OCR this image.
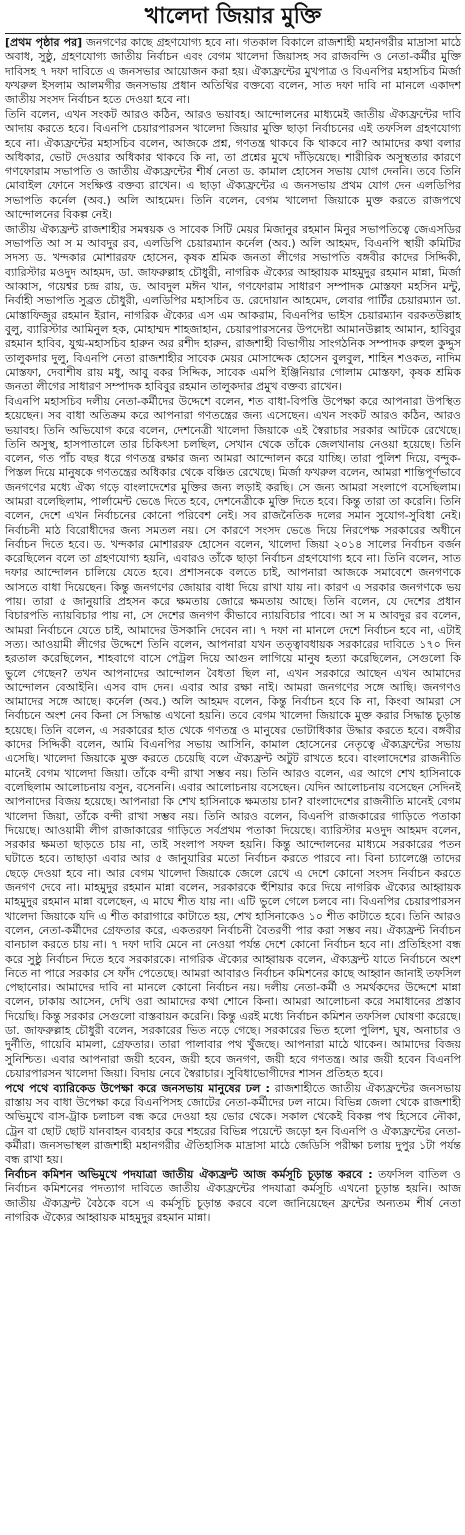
খালেদা জিয়ার মুক্তি

[প্রথম পৃষ্ঠার পর] জনগণের কাছে গ্রহণযোগ্য হবে না। গতকাল বিকালে রাজশাহী মহানগরীর মাদ্রাসা মাঠে অবাধ, সুষ্ঠু, গ্রহণযোগ্য জাতীয় নির্বাচন এবং বেগম খালেদা জিয়াসহ সব রাজবন্দি ও নেতা-কর্মীর মুক্তি দাবিসহ ৭ দফা দাবিতে এ জনসভার আয়োজন করা হয়। ঐক্যফ্রন্টের মুখপাত্র ও বিএনপির মহাসচিব মির্জা ফখরুল ইসলাম আলমগীর জনসভায় প্রধান অতিথির বক্তব্যে বলেন, সাত দফা দাবি না মানলে একাদশ জাতীয় সংসদ নির্বাচন হতে দেওয়া হবে না।

তিনি বলেন, এখন সংকট আরও কঠিন, আরও ভয়াবহ। আন্দোলনের মাধ্যমেই জাতীয় ঐক্যফ্রন্টের দাবি আদায় করতে হবে। বিএনপি চেয়ারপারসন খালেদা জিয়ার মুক্তি ছাড়া নির্বাচনের এই তফসিল গ্রহণযোগ্য হবে না। ঐক্যফ্রন্টের মহাসচিব বলেন, আজকে প্রশ্ন, গণতন্ত্র থাকবে কি থাকবে না? আমাদের কথা বলার অধিকার, ভোট দেওয়ার অধিকার থাকবে কি না, তা প্রশ্নের মুখে দাঁড়িয়েছে। শারীরিক অসুস্থতার কারণে গণফোরাম সভাপতি ও জাতীয় ঐক্যফ্রন্টের শীর্ষ নেতা ড. কামাল হোসেন সভায় যোগ দেননি। তবে তিনি মোবাইল ফোনে সংক্ষিপ্ত বক্তব্য রাখেন। এ ছাড়া ঐক্যফ্রন্টের এ জনসভায় প্রথম যোগ দেন এলডিপির সভাপতি কর্নেল (অব.) অলি আহমেদ। তিনি বলেন, বেগম খালেদা জিয়াকে মুক্ত করতে রাজপথে আন্দোলনের বিকল্প নেই।

জাতীয় ঐক্যফ্রন্ট রাজশাহীর সমন্বয়ক ও সাবেক সিটি মেয়র মিজানুর রহমান মিনুর সভাপতিত্বে জেএসডির সভাপতি আ স ম আবদুর রব, এলডিপি চেয়ারম্যান কর্নেল (অব.) অলি আহমদ, বিএনপি স্থায়ী কমিটির সদস্য ড. খন্দকার মোশাররফ হোসেন, কৃষক শ্রমিক জনতা লীগের সভাপতি বঙ্গবীর কাদের সিদ্দিকী, ব্যারিস্টার মওদুদ আহমদ, ডা. জাফরুল্লাহ চৌধুরী, নাগরিক ঐক্যের আহ্বায়ক মাহমুদুর রহমান মান্না, মির্জা আব্বাস, গয়েশ্বর চন্দ্র রায়, ড. আবদুল মঈন খান, গণফোরাম সাধারণ সম্পাদক মোস্তফা মহসিন মন্টু, নির্বাহী সভাপতি সুব্রত চৌধুরী, এলডিপির মহাসচিব ড. রেদোয়ান আহমেদ, লেবার পার্টির চেয়ারম্যান ডা. মোস্তাফিজুর রহমান ইরান, নাগরিক ঐক্যের এস এম আকরাম, বিএনপির ভাইস চেয়ারম্যান বরকতউল্লাহ বুলু, ব্যারিস্টার আমিনুল হক, মোহাম্মদ শাহজাহান, চেয়ারপারসনের উপদেষ্টা আমানউল্লাহ আমান, হাবিবুর রহমান হাবিব, যুগ্ম-মহাসচিব হারুন অর রশীদ হারুন, রাজশাহী বিভাগীয় সাংগঠনিক সম্পাদক রুহুল কুদ্দুস তালুকদার দুলু, বিএনপি নেতা রাজশাহীর সাবেক মেয়র মোসাদ্দেক হোসেন বুলবুল, শাহিন শওকত, নাদিম মোস্তফা, দেবাশীষ রায় মধু, আবু বকর সিদ্দিক, সাবেক এমপি ইঞ্জিনিয়ার গোলাম মোস্তফা, কৃষক শ্রমিক জনতা লীগের সাধারণ সম্পাদক হাবিবুর রহমান তালুকদার প্রমুখ বক্তব্য রাখেন।

বিএনপি মহাসচিব দলীয় নেতা-কর্মীদের উদ্দেশে বলেন, শত বাধা-বিপত্তি উপেক্ষা করে আপনারা উপস্থিত হয়েছেন। সব বাধা অতিক্রম করে আপনারা গণতন্ত্রের জন্য এসেছেন। এখন সংকট আরও কঠিন, আরও ভয়াবহ। তিনি অভিযোগ করে বলেন, দেশনেত্রী খালেদা জিয়াকে এই স্বৈরাচার সরকার আটকে রেখেছে। তিনি অসুস্থ, হাসপাতালে তার চিকিৎসা চলছিল, সেখান থেকে তাঁকে জেলখানায় নেওয়া হয়েছে। তিনি বলেন, গত পাঁচ বছর ধরে গণতন্ত্র রক্ষার জন্য আমরা আন্দোলন করে যাচ্ছি। তারা পুলিশ দিয়ে, বন্দুক-পিস্তল দিয়ে মানুষকে গণতন্ত্রের অধিকার থেকে বঞ্চিত রেখেছে। মির্জা ফখরুল বলেন, আমরা শান্তিপূর্ণভাবে জনগণের মধ্যে ঐক্য গড়ে বাংলাদেশের মুক্তির জন্য লড়াই করছি। সে জন্য আমরা সংলাপে বসেছিলাম। আমরা বলেছিলাম, পার্লামেন্ট ভেঙে দিতে হবে, দেশনেত্রীকে মুক্তি দিতে হবে। কিন্তু তারা তা করেনি। তিনি বলেন, দেশে এখন নির্বাচনের কোনো পরিবেশ নেই। সব রাজনৈতিক দলের সমান সুযোগ-সুবিধা নেই। নির্বাচনী মাঠ বিরোধীদের জন্য সমতল নয়। সে কারণে সংসদ ভেঙে দিয়ে নিরপেক্ষ সরকারের অধীনে নির্বাচন দিতে হবে। ড. খন্দকার মোশাররফ হোসেন বলেন, খালেদা জিয়া ২০১৪ সালের নির্বাচন বর্জন করেছিলেন বলে তা গ্রহণযোগ্য হয়নি, এবারও তাঁকে ছাড়া নির্বাচন গ্রহণযোগ্য হবে না। তিনি বলেন, সাত দফার আন্দোলন চালিয়ে যেতে হবে। প্রশাসনকে বলতে চাই, আপনারা আজকে সমাবেশে জনগণকে আসতে বাধা দিয়েছেন। কিন্তু জনগণের জোয়ার বাধা দিয়ে রাখা যায় না। কারণ এ সরকার জনগণকে ভয় পায়। তারা ৫ জানুয়ারি প্রহসন করে ক্ষমতায় জোরে ক্ষমতায় আছে। তিনি বলেন, যে দেশের প্রধান বিচারপতি ন্যায়বিচার পায় না, সে দেশের জনগণ কীভাবে ন্যায়বিচার পাবে। আ স ম আবদুর রব বলেন, আমরা নির্বাচনে যেতে চাই, আমাদের উসকানি দেবেন না। ৭ দফা না মানলে দেশে নির্বাচন হবে না, এটাই সত্য। আওয়ামী লীগের উদ্দেশে তিনি বলেন, আপনারা যখন তত্ত্বাবধায়ক সরকারের দাবিতে ১৭০ দিন হরতাল করেছিলেন, শাহবাগে বাসে পেট্রল দিয়ে আগুন লাগিয়ে মানুষ হত্যা করেছিলেন, সেগুলো কি ভুলে গেছেন? তখন আপনাদের আন্দোলন বৈধতা ছিল না, এখন সরকারে আছেন এখন আমাদের আন্দোলন বেআইনি। এসব বাদ দেন। এবার আর রক্ষা নাই। আমরা জনগণের সঙ্গে আছি। জনগণও আমাদের সঙ্গে আছে। কর্নেল (অব.) অলি আহমদ বলেন, কিন্তু নির্বাচন হবে কি না, কিংবা আমরা সে নির্বাচনে অংশ নেব কিনা সে সিদ্ধান্ত এখনো হয়নি। তবে বেগম খালেদা জিয়াকে মুক্ত করার সিদ্ধান্ত চূড়ান্ত হয়েছে। তিনি বলেন, এ সরকারের হাত থেকে গণতন্ত্র ও মানুষের ভোটাধিকার উদ্ধার করতে হবে। বঙ্গবীর কাদের সিদ্দিকী বলেন, আমি বিএনপির সভায় আসিনি, কামাল হোসেনের নেতৃত্বে ঐক্যফ্রন্টের সভায় এসেছি। খালেদা জিয়াকে মুক্ত করতে চেয়েছি বলে ঐক্যফ্রন্ট অটুট রাখতে হবে। বাংলাদেশের রাজনীতি মানেই বেগম খালেদা জিয়া। তাঁকে বন্দী রাখা সম্ভব নয়। তিনি আরও বলেন, এর আগে শেখ হাসিনাকে বলেছিলাম আলোচনায় বসুন, বসেননি। এবার আলোচনায় বসেছেন। যেদিন আলোচনায় বসেছেন সেদিনই আপনাদের বিজয় হয়েছে। আপনারা কি শেখ হাসিনাকে ক্ষমতায় চান? বাংলাদেশের রাজনীতি মানেই বেগম খালেদা জিয়া, তাঁকে বন্দী রাখা সম্ভব নয়। তিনি আরও বলেন, বিএনপি রাজকারের গাড়িতে পতাকা দিয়েছে। আওয়ামী লীগ রাজাকারের গাড়িতে সর্বপ্রথম পতাকা দিয়েছে। ব্যারিস্টার মওদুদ আহমদ বলেন, সরকার ক্ষমতা ছাড়তে চায় না, তাই সংলাপ সফল হয়নি। কিন্তু আন্দোলনের মাধ্যমে সরকারের পতন ঘটাতে হবে। তাছাড়া এবার আর ৫ জানুয়ারির মতো নির্বাচন করতে পারবে না। বিনা চ্যালেঞ্জে তাদের ছেড়ে দেওয়া হবে না। আর বেগম খালেদা জিয়াকে জেলে রেখে এ দেশে কোনো সংসদ নির্বাচন করতে জনগণ দেবে না। মাহমুদুর রহমান মান্না বলেন, সরকারকে হুঁশিয়ার করে দিয়ে নাগরিক ঐক্যের আহ্বায়ক মাহমুদুর রহমান মান্না বলেছেন, এ মাঘে শীত যায় না। এটি ভুলে গেলে চলবে না। বিএনপির চেয়ারপারসন খালেদা জিয়াকে যদি এ শীত কারাগারে কাটাতে হয়, শেখ হাসিনাকেও ১০ শীত কাটাতে হবে। তিনি আরও বলেন, নেতা-কর্মীদের গ্রেফতার করে, একতরফা নির্বাচনী বৈতরণী পার করা সম্ভব নয়। ঐক্যফ্রন্ট নির্বাচন বানচাল করতে চায় না। ৭ দফা দাবি মেনে না নেওয়া পর্যন্ত দেশে কোনো নির্বাচন হবে না। প্রতিহিংসা বন্ধ করে সুষ্ঠু নির্বাচন দিতে হবে সরকারকে। নাগরিক ঐক্যের আহ্বায়ক বলেন, ঐক্যফ্রন্ট যাতে নির্বাচনে অংশ নিতে না পারে সরকার সে ফাঁদ পেতেছে। আমরা আবারও নির্বাচন কমিশনের কাছে আহ্বান জানাই তফসিল পেছানোর। আমাদের দাবি না মানলে কোনো নির্বাচন নয়। দলীয় নেতা-কর্মী ও সমর্থকদের উদ্দেশে মান্না বলেন, ঢাকায় আসেন, দেখি ওরা আমাদের কথা শোনে কিনা। আমরা আলোচনা করে সমাধানের প্রস্তাব দিয়েছি। কিন্তু সরকার সেগুলো বাস্তবায়ন করেনি। কিন্তু এরই মধ্যে নির্বাচন কমিশন তফসিল ঘোষণা করেছে। ডা. জাফরুল্লাহ চৌধুরী বলেন, সরকারের ভিত নড়ে গেছে। সরকারের ভিত হলো পুলিশ, ঘুষ, অনাচার ও দুর্নীতি, গায়েবি মামলা, গ্রেফতার। তারা পালাবার পথ খুঁজছে। আপনারা মাঠে থাকেন। আমাদের বিজয় সুনিশ্চিত। এবার আপনারা জয়ী হবেন, জয়ী হবে জনগণ, জয়ী হবে গণতন্ত্র। আর জয়ী হবেন বিএনপি চেয়ারপারসন খালেদা জিয়া। বিদায় নেবে স্বৈরাচার। সুবিধাভোগীদের শাসন প্রতিহত হবে।

পথে পথে ব্যারিকেড উপেক্ষা করে জনসভায় মানুষের ঢল : রাজশাহীতে জাতীয় ঐক্যফ্রন্টের জনসভায় রাস্তায় সব বাধা উপেক্ষা করে বিএনপিসহ জোটের নেতা-কর্মীদের ঢল নামে। বিভিন্ন জেলা থেকে রাজশাহী অভিমুখে বাস-ট্রাক চলাচল বন্ধ করে দেওয়া হয় ভোর থেকে। সকাল থেকেই বিকল্প পথ হিসেবে নৌকা, ট্রেন বা ছোট ছোট যানবাহন ব্যবহার করে শহরের বিভিন্ন পয়েন্টে জড়ো হন বিএনপি ও ঐক্যফ্রন্টের নেতা-কর্মীরা। জনসভাস্থল রাজশাহী মহানগরীর ঐতিহাসিক মাদ্রাসা মাঠে জেডিসি পরীক্ষা চলায় দুপুর ১টা পর্যন্ত বন্ধ রাখা হয়।

নির্বাচন কমিশন অভিমুখে পদযাত্রা জাতীয় ঐক্যফ্রন্ট আজ কর্মসূচি চূড়ান্ত করবে : তফসিল বাতিল ও নির্বাচন কমিশনের পদত্যাগ দাবিতে জাতীয় ঐক্যফ্রন্টের পদযাত্রা কর্মসূচি এখনো চূড়ান্ত হয়নি। আজ জাতীয় ঐক্যফ্রন্ট বৈঠকে বসে এ কর্মসূচি চূড়ান্ত করবে বলে জানিয়েছেন ফ্রন্টের অন্যতম শীর্ষ নেতা নাগরিক ঐক্যের আহ্বায়ক মাহমুদুর রহমান মান্না।
